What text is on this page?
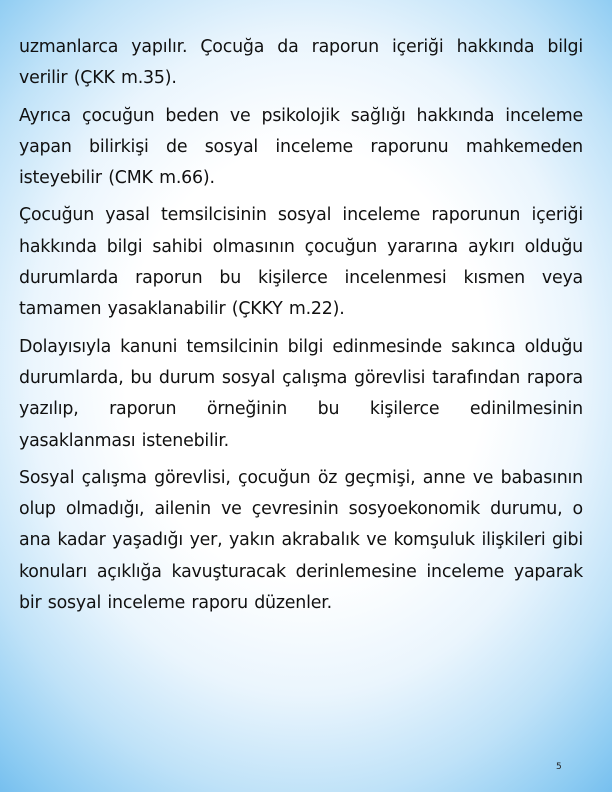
uzmanlarca yapılır. Çocuğa da raporun içeriği hakkında bilgi verilir (ÇKK m.35).

Ayrıca çocuğun beden ve psikolojik sağlığı hakkında inceleme yapan bilirkişi de sosyal inceleme raporunu mahkemeden isteyebilir (CMK m.66).

Çocuğun yasal temsilcisinin sosyal inceleme raporunun içeriği hakkında bilgi sahibi olmasının çocuğun yararına aykırı olduğu durumlarda raporun bu kişilerce incelenmesi kısmen veya tamamen yasaklanabilir (ÇKKY m.22).

Dolayısıyla kanuni temsilcinin bilgi edinmesinde sakınca olduğu durumlarda, bu durum sosyal çalışma görevlisi tarafından rapora yazılıp, raporun örneğinin bu kişilerce edinilmesinin yasaklanması istenebilir.

Sosyal çalışma görevlisi, çocuğun öz geçmişi, anne ve babasının olup olmadığı, ailenin ve çevresinin sosyoekonomik durumu, o ana kadar yaşadığı yer, yakın akrabalık ve komşuluk ilişkileri gibi konuları açıklığa kavuşturacak derinlemesine inceleme yaparak bir sosyal inceleme raporu düzenler.

5
